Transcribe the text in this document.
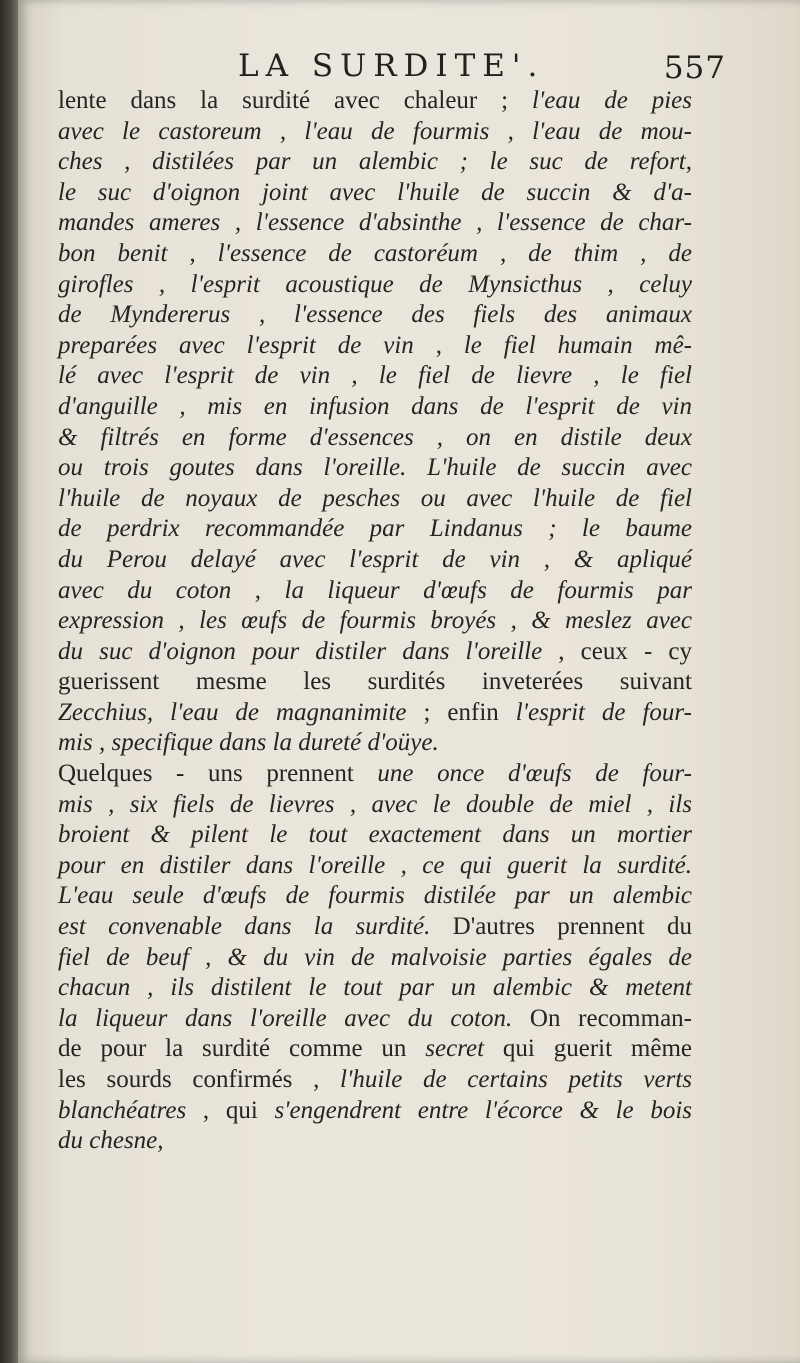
LA SURDITE'.	557
lente dans la surdité avec chaleur ; l'eau de pies
avec le castoreum , l'eau de fourmis , l'eau de mou-
ches , distilées par un alembic ; le suc de refort,
le suc d'oignon joint avec l'huile de succin & d'a-
mandes ameres , l'essence d'absinthe , l'essence de char-
bon benit , l'essence de castoréum , de thim , de
girofles , l'esprit acoustique de Mynsicthus , celuy
de Myndererus , l'essence des fiels des animaux
preparées avec l'esprit de vin , le fiel humain mê-
lé avec l'esprit de vin , le fiel de lievre , le fiel
d'anguille , mis en infusion dans de l'esprit de vin
& filtrés en forme d'essences , on en distile deux
ou trois goutes dans l'oreille. L'huile de succin avec
l'huile de noyaux de pesches ou avec l'huile de fiel
de perdrix recommandée par Lindanus ; le baume
du Perou delayé avec l'esprit de vin , & apliqué
avec du coton , la liqueur d'œufs de fourmis par
expression , les œufs de fourmis broyés , & meslez avec
du suc d'oignon pour distiler dans l'oreille , ceux - cy
guerissent mesme les surdités inveterées suivant
Zecchius, l'eau de magnanimite ; enfin l'esprit de four-
mis , specifique dans la dureté d'oüye.
Quelques - uns prennent une once d'œufs de four-
mis , six fiels de lievres , avec le double de miel , ils
broient & pilent le tout exactement dans un mortier
pour en distiler dans l'oreille , ce qui guerit la surdité.
L'eau seule d'œufs de fourmis distilée par un alembic
est convenable dans la surdité. D'autres prennent du
fiel de beuf , & du vin de malvoisie parties égales de
chacun , ils distilent le tout par un alembic & metent
la liqueur dans l'oreille avec du coton. On recomman-
de pour la surdité comme un secret qui guerit même
les sourds confirmés , l'huile de certains petits verts
blanchéatres , qui s'engendrent entre l'écorce & le bois
du chesne,
